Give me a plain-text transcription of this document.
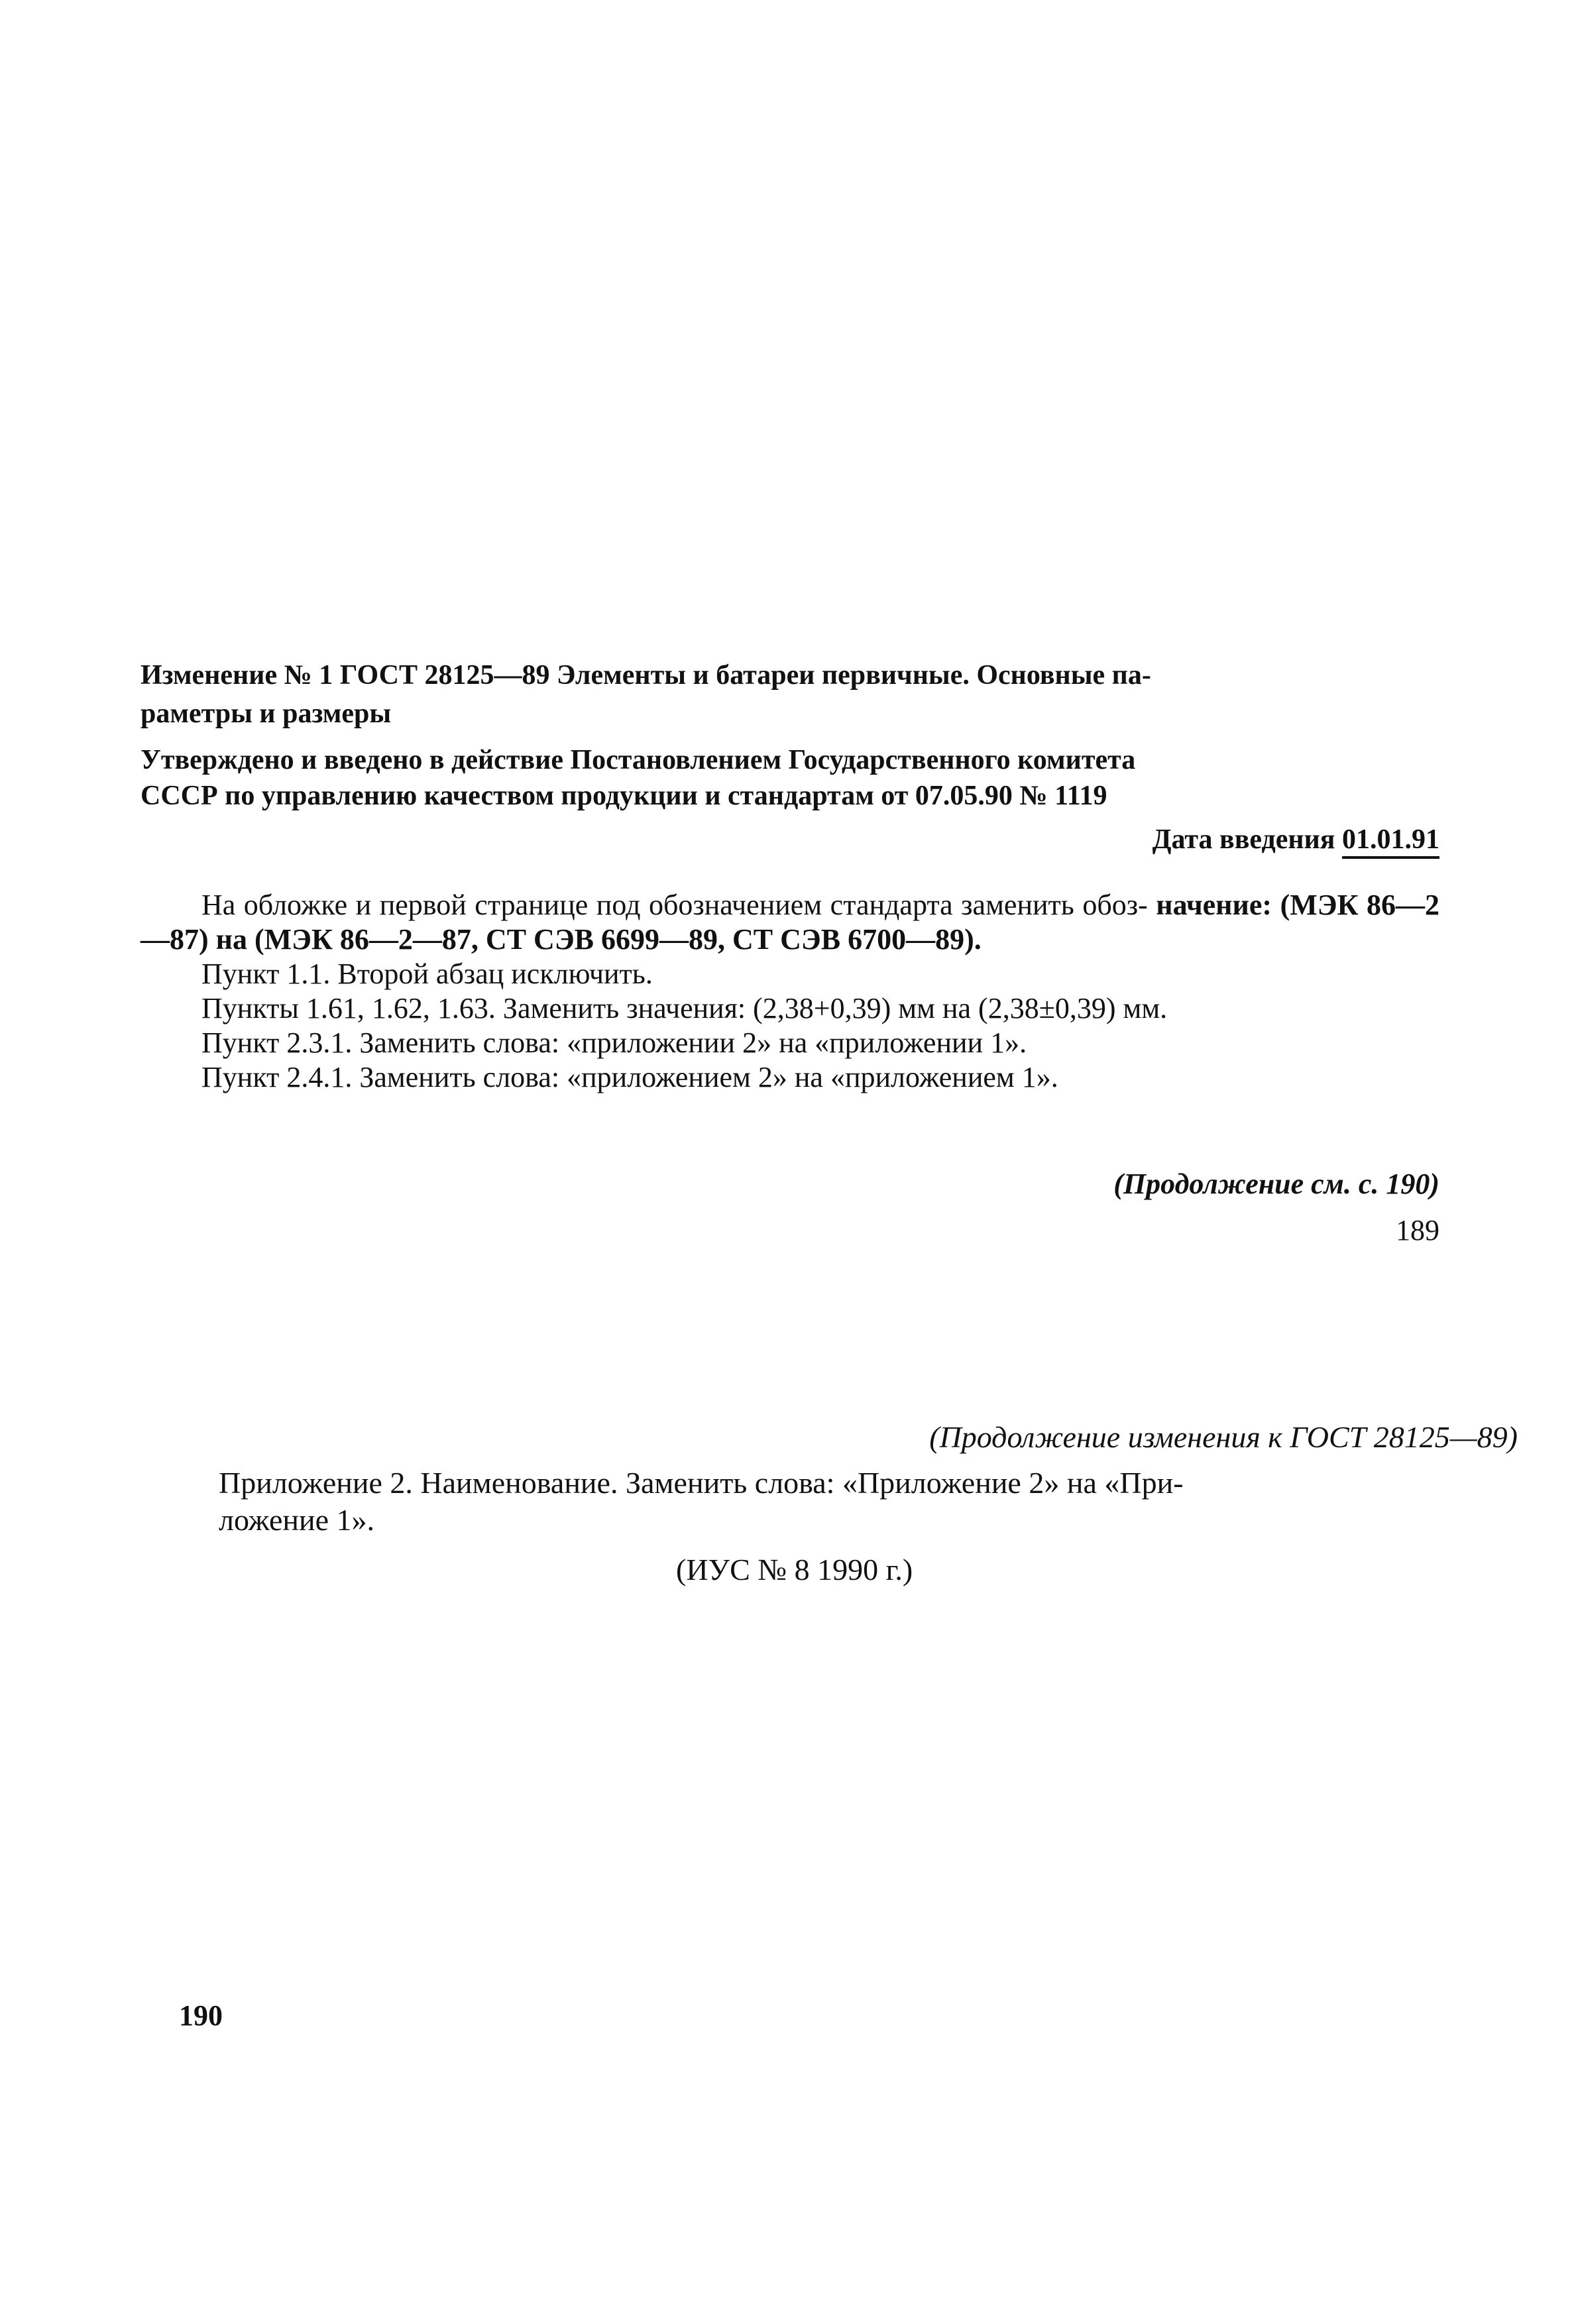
Изменение № 1 ГОСТ 28125—89 Элементы и батареи первичные. Основные па-
раметры и размеры
Утверждено и введено в действие Постановлением Государственного комитета
СССР по управлению качеством продукции и стандартам от 07.05.90 № 1119
Дата введения 01.01.91

На обложке и первой странице под обозначением стандарта заменить обоз- начение: (МЭК 86—2—87) на (МЭК 86—2—87, СТ СЭВ 6699—89, СТ СЭВ 6700—89).

Пункт 1.1. Второй абзац исключить.

Пункты 1.61, 1.62, 1.63. Заменить значения: (2,38+0,39) мм на (2,38±0,39) мм.

Пункт 2.3.1. Заменить слова: «приложении 2» на «приложении 1».

Пункт 2.4.1. Заменить слова: «приложением 2» на «приложением 1».

(Продолжение см. с. 190)
189
(Продолжение изменения к ГОСТ 28125—89)
Приложение 2. Наименование. Заменить слова: «Приложение 2» на «При-
ложение 1».
(ИУС № 8 1990 г.)
190
